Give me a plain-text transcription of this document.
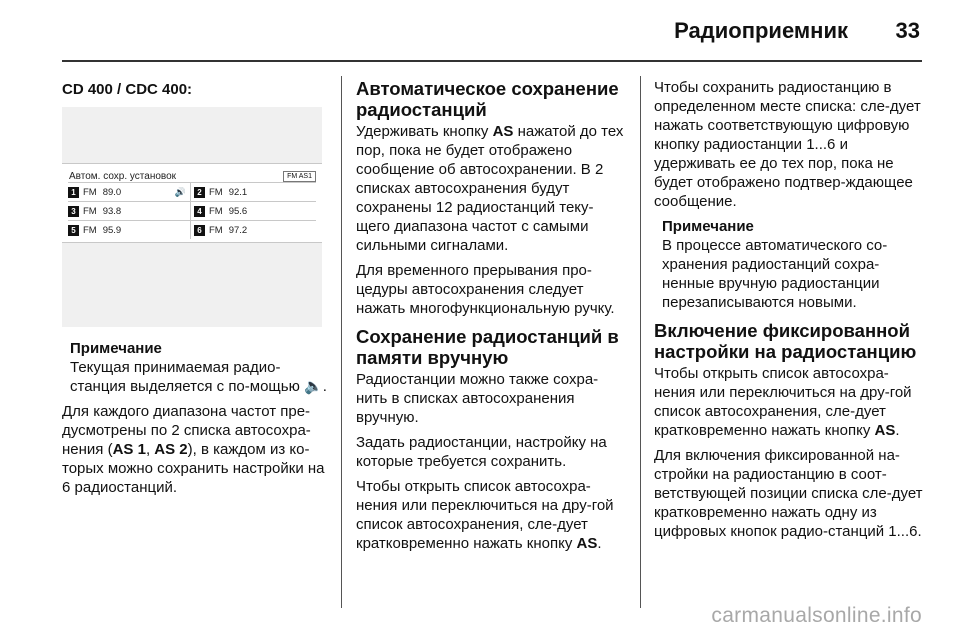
Радиоприемник 33

CD 400 / CDC 400:

Автом. сохр. установок	FM AS1
1 FM 89.0	🔊	2 FM 92.1
3 FM 93.8	4 FM 95.6
5 FM 95.9	6 FM 97.2
Примечание

Текущая принимаемая радио-станция выделяется с по-мощью 🔈.

Для каждого диапазона частот пре-дусмотрены по 2 списка автосохра-нения (AS 1, AS 2), в каждом из ко-торых можно сохранить настройки на 6 радиостанций.

Автоматическое сохранение радиостанций

Удерживать кнопку AS нажатой до тех пор, пока не будет отображено сообщение об автосохранении. В 2 списках автосохранения будут сохранены 12 радиостанций теку-щего диапазона частот с самыми сильными сигналами.

Для временного прерывания про-цедуры автосохранения следует нажать многофункциональную ручку.

Сохранение радиостанций в памяти вручную

Радиостанции можно также сохра-нить в списках автосохранения вручную.

Задать радиостанции, настройку на которые требуется сохранить.

Чтобы открыть список автосохра-нения или переключиться на дру-гой список автосохранения, сле-дует кратковременно нажать кнопку AS.

Чтобы сохранить радиостанцию в определенном месте списка: сле-дует нажать соответствующую цифровую кнопку радиостанции 1...6 и удерживать ее до тех пор, пока не будет отображено подтвер-ждающее сообщение.

Примечание

В процессе автоматического со-хранения радиостанций сохра-ненные вручную радиостанции перезаписываются новыми.

Включение фиксированной настройки на радиостанцию

Чтобы открыть список автосохра-нения или переключиться на дру-гой список автосохранения, сле-дует кратковременно нажать кнопку AS.

Для включения фиксированной на-стройки на радиостанцию в соот-ветствующей позиции списка сле-дует кратковременно нажать одну из цифровых кнопок радио-станций 1...6.

carmanualsonline.info
